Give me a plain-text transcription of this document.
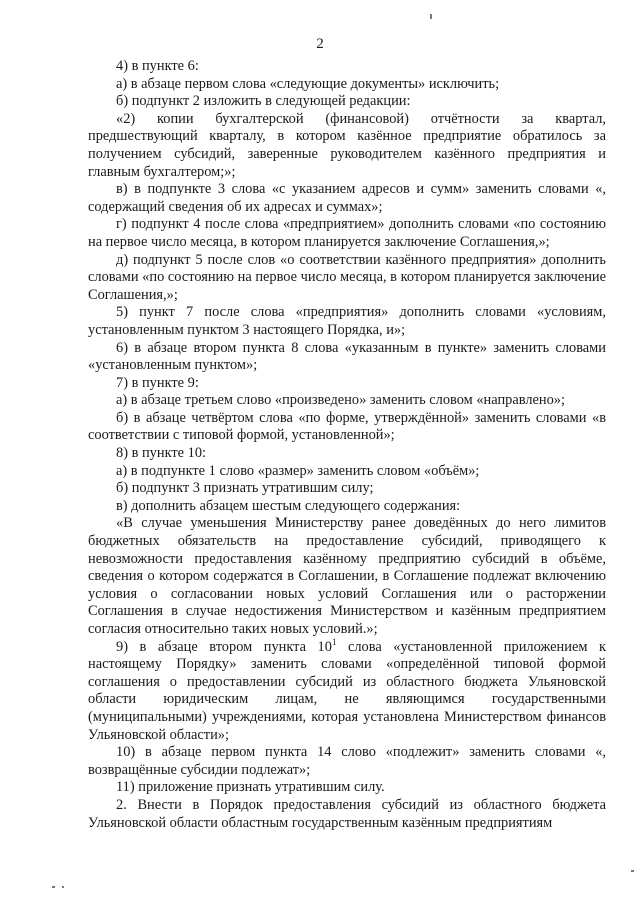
2

4) в пункте 6:

а) в абзаце первом слова «следующие документы» исключить;

б) подпункт 2 изложить в следующей редакции:

«2) копии бухгалтерской (финансовой) отчётности за квартал, предшествующий кварталу, в котором казённое предприятие обратилось за получением субсидий, заверенные руководителем казённого предприятия и главным бухгалтером;»;

в) в подпункте 3 слова «с указанием адресов и сумм» заменить словами «, содержащий сведения об их адресах и суммах»;

г) подпункт 4 после слова «предприятием» дополнить словами «по состоянию на первое число месяца, в котором планируется заключение Соглашения,»;

д) подпункт 5 после слов «о соответствии казённого предприятия» дополнить словами «по состоянию на первое число месяца, в котором планируется заключение Соглашения,»;

5) пункт 7 после слова «предприятия» дополнить словами «условиям, установленным пунктом 3 настоящего Порядка, и»;

6) в абзаце втором пункта 8 слова «указанным в пункте» заменить словами «установленным пунктом»;

7) в пункте 9:

а) в абзаце третьем слово «произведено» заменить словом «направлено»;

б) в абзаце четвёртом слова «по форме, утверждённой» заменить словами «в соответствии с типовой формой, установленной»;

8) в пункте 10:

а) в подпункте 1 слово «размер» заменить словом «объём»;

б) подпункт 3 признать утратившим силу;

в) дополнить абзацем шестым следующего содержания:

«В случае уменьшения Министерству ранее доведённых до него лимитов бюджетных обязательств на предоставление субсидий, приводящего к невозможности предоставления казённому предприятию субсидий в объёме, сведения о котором содержатся в Соглашении, в Соглашение подлежат включению условия о согласовании новых условий Соглашения или о расторжении Соглашения в случае недостижения Министерством и казённым предприятием согласия относительно таких новых условий.»;

9) в абзаце втором пункта $10^1$ слова «установленной приложением к настоящему Порядку» заменить словами «определённой типовой формой соглашения о предоставлении субсидий из областного бюджета Ульяновской области юридическим лицам, не являющимся государственными (муниципальными) учреждениями, которая установлена Министерством финансов Ульяновской области»;

10) в абзаце первом пункта 14 слово «подлежит» заменить словами «, возвращённые субсидии подлежат»;

11) приложение признать утратившим силу.

2. Внести в Порядок предоставления субсидий из областного бюджета Ульяновской области областным государственным казённым предприятиям
